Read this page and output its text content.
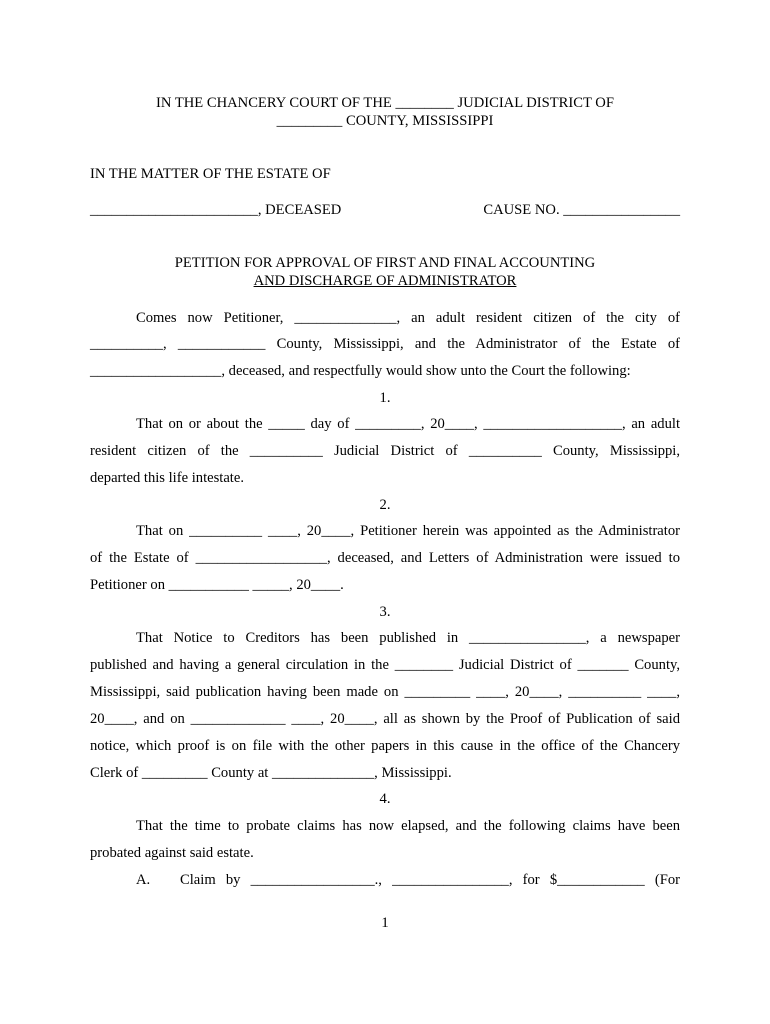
IN THE CHANCERY COURT OF THE ________ JUDICIAL DISTRICT OF
_________ COUNTY, MISSISSIPPI
IN THE MATTER OF THE ESTATE OF
_______________________, DECEASED	CAUSE NO. ________________
PETITION FOR APPROVAL OF FIRST AND FINAL ACCOUNTING
AND DISCHARGE OF ADMINISTRATOR
Comes now Petitioner, ______________, an adult resident citizen of the city of
__________, ____________ County, Mississippi, and the Administrator of the Estate of
__________________, deceased, and respectfully would show unto the Court the following:
1.
That on or about the _____ day of _________, 20____, ___________________, an adult
resident citizen of the __________ Judicial District of __________ County, Mississippi,
departed this life intestate.
2.
That on __________ ____, 20____, Petitioner herein was appointed as the Administrator
of the Estate of __________________, deceased, and Letters of Administration were issued to
Petitioner on ___________ _____, 20____.
3.
That Notice to Creditors has been published in ________________, a newspaper
published and having a general circulation in the ________ Judicial District of _______ County,
Mississippi, said publication having been made on _________ ____, 20____, __________ ____,
20____, and on _____________ ____, 20____, all as shown by the Proof of Publication of said
notice, which proof is on file with the other papers in this cause in the office of the Chancery
Clerk of _________ County at ______________, Mississippi.
4.
That the time to probate claims has now elapsed, and the following claims have been
probated against said estate.
A. Claim by _________________., ________________, for $____________ (For
1
